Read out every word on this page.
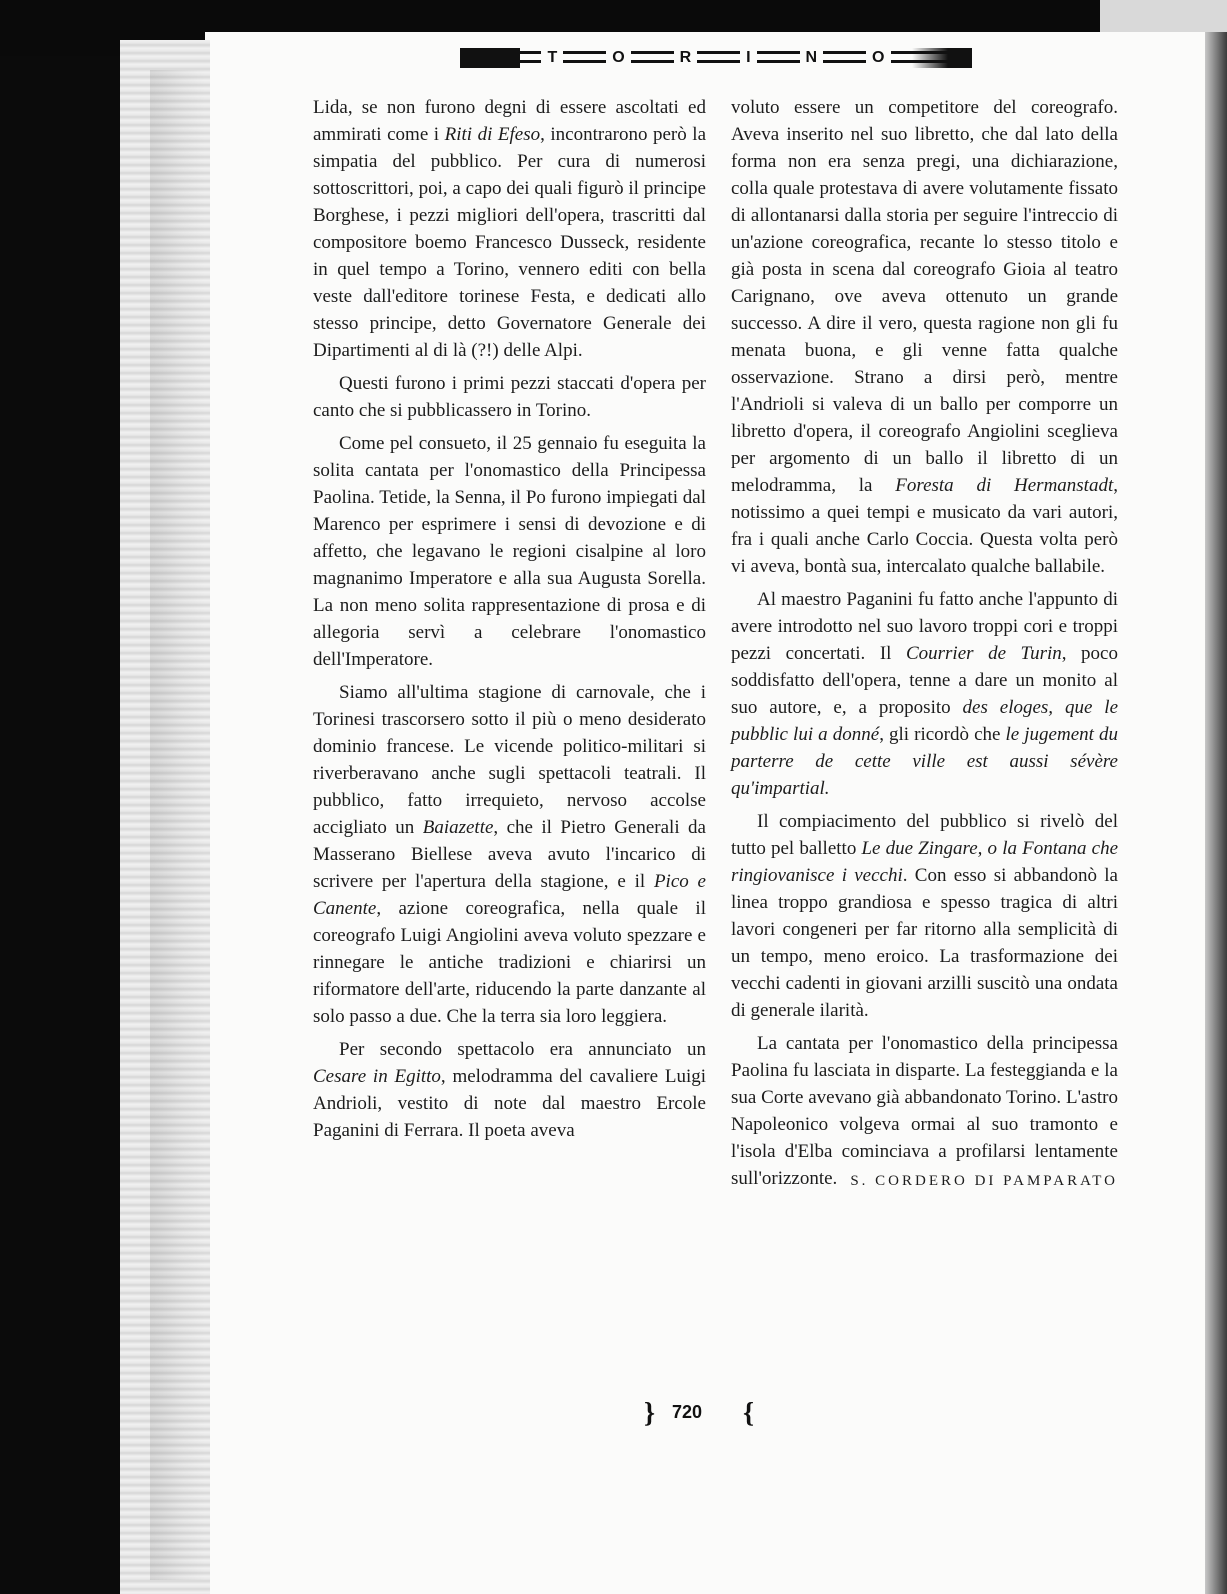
T	O	R	I	N	O

Lida, se non furono degni di essere ascoltati ed ammirati come i Riti di Efeso, incontrarono però la simpatia del pubblico. Per cura di numerosi sottoscrittori, poi, a capo dei quali figurò il principe Borghese, i pezzi migliori dell'opera, trascritti dal compositore boemo Francesco Dusseck, residente in quel tempo a Torino, vennero editi con bella veste dall'editore torinese Festa, e dedicati allo stesso principe, detto Governatore Generale dei Dipartimenti al di là (?!) delle Alpi.

Questi furono i primi pezzi staccati d'opera per canto che si pubblicassero in Torino.

Come pel consueto, il 25 gennaio fu eseguita la solita cantata per l'onomastico della Principessa Paolina. Tetide, la Senna, il Po furono impiegati dal Marenco per esprimere i sensi di devozione e di affetto, che legavano le regioni cisalpine al loro magnanimo Imperatore e alla sua Augusta Sorella. La non meno solita rappresentazione di prosa e di allegoria servì a celebrare l'onomastico dell'Imperatore.

Siamo all'ultima stagione di carnovale, che i Torinesi trascorsero sotto il più o meno desiderato dominio francese. Le vicende politico-militari si riverberavano anche sugli spettacoli teatrali. Il pubblico, fatto irrequieto, nervoso accolse accigliato un Baiazette, che il Pietro Generali da Masserano Biellese aveva avuto l'incarico di scrivere per l'apertura della stagione, e il Pico e Canente, azione coreografica, nella quale il coreografo Luigi Angiolini aveva voluto spezzare e rinnegare le antiche tradizioni e chiarirsi un riformatore dell'arte, riducendo la parte danzante al solo passo a due. Che la terra sia loro leggiera.

Per secondo spettacolo era annunciato un Cesare in Egitto, melodramma del cavaliere Luigi Andrioli, vestito di note dal maestro Ercole Paganini di Ferrara. Il poeta aveva

voluto essere un competitore del coreografo. Aveva inserito nel suo libretto, che dal lato della forma non era senza pregi, una dichiarazione, colla quale protestava di avere volutamente fissato di allontanarsi dalla storia per seguire l'intreccio di un'azione coreografica, recante lo stesso titolo e già posta in scena dal coreografo Gioia al teatro Carignano, ove aveva ottenuto un grande successo. A dire il vero, questa ragione non gli fu menata buona, e gli venne fatta qualche osservazione. Strano a dirsi però, mentre l'Andrioli si valeva di un ballo per comporre un libretto d'opera, il coreografo Angiolini sceglieva per argomento di un ballo il libretto di un melodramma, la Foresta di Hermanstadt, notissimo a quei tempi e musicato da vari autori, fra i quali anche Carlo Coccia. Questa volta però vi aveva, bontà sua, intercalato qualche ballabile.

Al maestro Paganini fu fatto anche l'appunto di avere introdotto nel suo lavoro troppi cori e troppi pezzi concertati. Il Courrier de Turin, poco soddisfatto dell'opera, tenne a dare un monito al suo autore, e, a proposito des eloges, que le pubblic lui a donné, gli ricordò che le jugement du parterre de cette ville est aussi sévère qu'impartial.

Il compiacimento del pubblico si rivelò del tutto pel balletto Le due Zingare, o la Fontana che ringiovanisce i vecchi. Con esso si abbandonò la linea troppo grandiosa e spesso tragica di altri lavori congeneri per far ritorno alla semplicità di un tempo, meno eroico. La trasformazione dei vecchi cadenti in giovani arzilli suscitò una ondata di generale ilarità.

La cantata per l'onomastico della principessa Paolina fu lasciata in disparte. La festeggianda e la sua Corte avevano già abbandonato Torino. L'astro Napoleonico volgeva ormai al suo tramonto e l'isola d'Elba cominciava a profilarsi lentamente sull'orizzonte. S. CORDERO DI PAMPARATO
} 720 {
